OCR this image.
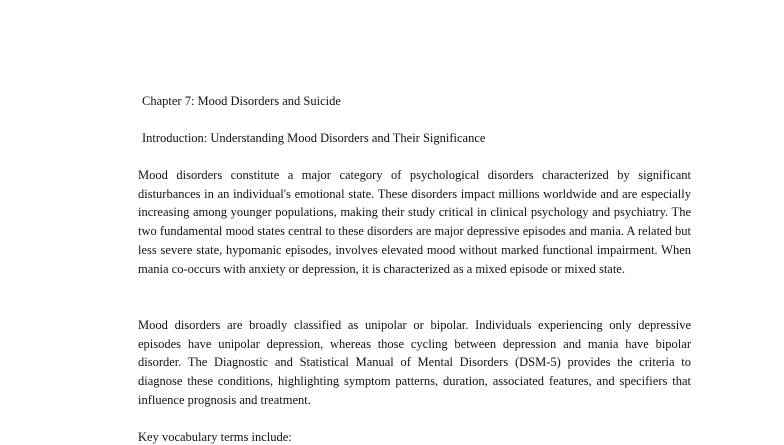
Chapter 7: Mood Disorders and Suicide
Introduction: Understanding Mood Disorders and Their Significance

Mood disorders constitute a major category of psychological disorders characterized by significant disturbances in an individual's emotional state. These disorders impact millions worldwide and are especially increasing among younger populations, making their study critical in clinical psychology and psychiatry. The two fundamental mood states central to these disorders are major depressive episodes and mania. A related but less severe state, hypomanic episodes, involves elevated mood without marked functional impairment. When mania co-occurs with anxiety or depression, it is characterized as a mixed episode or mixed state.

Mood disorders are broadly classified as unipolar or bipolar. Individuals experiencing only depressive episodes have unipolar depression, whereas those cycling between depression and mania have bipolar disorder. The Diagnostic and Statistical Manual of Mental Disorders (DSM-5) provides the criteria to diagnose these conditions, highlighting symptom patterns, duration, associated features, and specifiers that influence prognosis and treatment.

Key vocabulary terms include:
